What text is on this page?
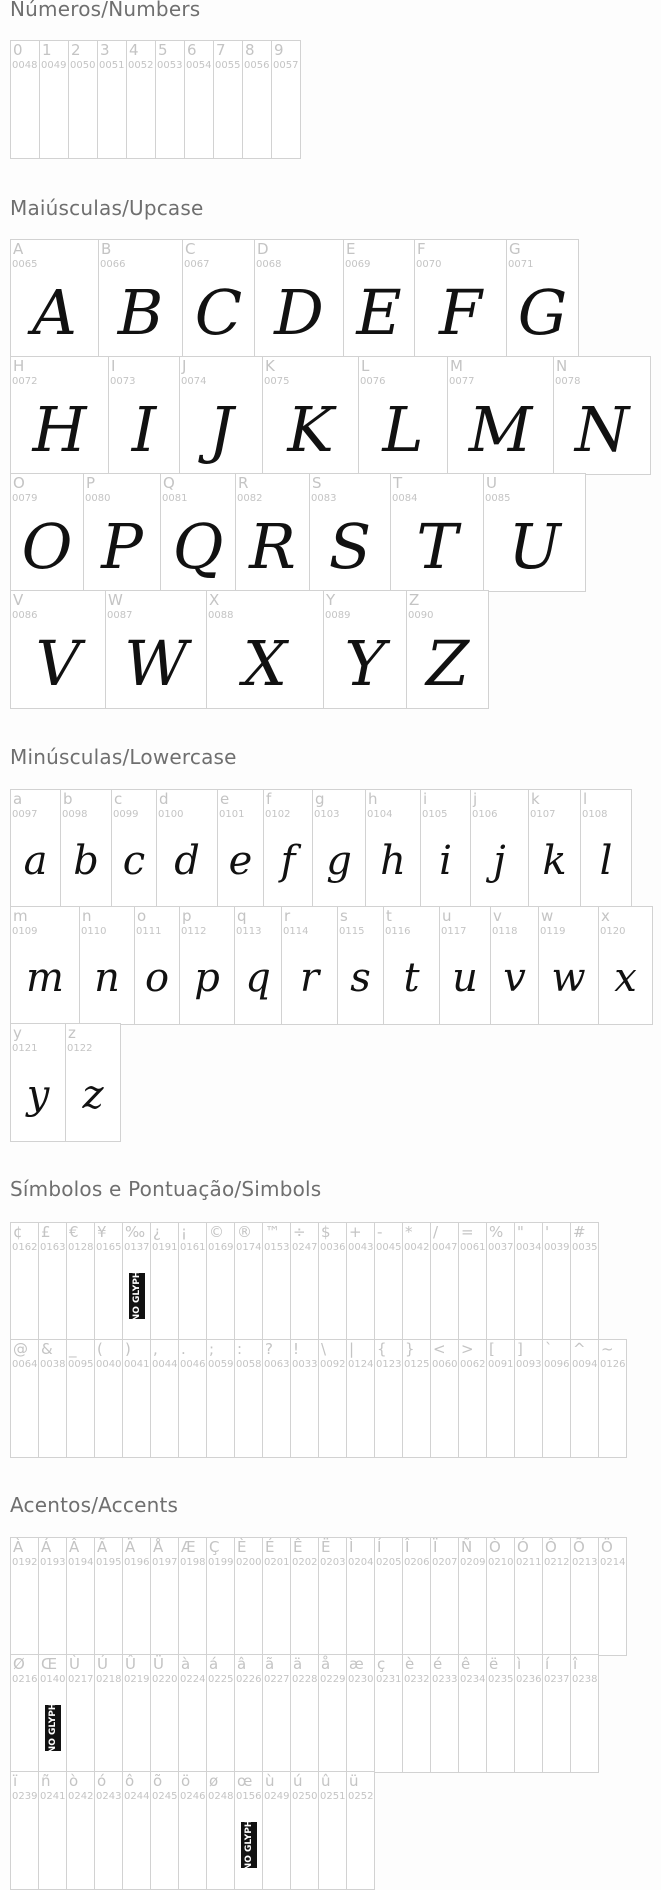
Números/Numbers
Maiúsculas/Upcase
Minúsculas/Lowercase
Símbolos e Pontuação/Simbols
Acentos/Accents
0
0048
1
0049
2
0050
3
0051
4
0052
5
0053
6
0054
7
0055
8
0056
9
0057
A
0065
A
B
0066
B
C
0067
C
D
0068
D
E
0069
E
F
0070
F
G
0071
G
H
0072
H
I
0073
I
J
0074
J
K
0075
K
L
0076
L
M
0077
M
N
0078
N
O
0079
O
P
0080
P
Q
0081
Q
R
0082
R
S
0083
S
T
0084
T
U
0085
U
V
0086
V
W
0087
W
X
0088
X
Y
0089
Y
Z
0090
Z
a
0097
a
b
0098
b
c
0099
c
d
0100
d
e
0101
e
f
0102
f
g
0103
g
h
0104
h
i
0105
i
j
0106
j
k
0107
k
l
0108
l
m
0109
m
n
0110
n
o
0111
o
p
0112
p
q
0113
q
r
0114
r
s
0115
s
t
0116
t
u
0117
u
v
0118
v
w
0119
w
x
0120
x
y
0121
y
z
0122
z
¢
0162
£
0163
€
0128
¥
0165
‰
0137
NO GLYPH
¿
0191
¡
0161
©
0169
®
0174
™
0153
÷
0247
$
0036
+
0043
-
0045
*
0042
/
0047
=
0061
%
0037
"
0034
'
0039
#
0035
@
0064
&
0038
_
0095
(
0040
)
0041
,
0044
.
0046
;
0059
:
0058
?
0063
!
0033
\
0092
|
0124
{
0123
}
0125
<
0060
>
0062
[
0091
]
0093
`
0096
^
0094
~
0126
À
0192
Á
0193
Â
0194
Ã
0195
Ä
0196
Å
0197
Æ
0198
Ç
0199
È
0200
É
0201
Ê
0202
Ë
0203
Ì
0204
Í
0205
Î
0206
Ï
0207
Ñ
0209
Ò
0210
Ó
0211
Ô
0212
Õ
0213
Ö
0214
Ø
0216
Œ
0140
NO GLYPH
Ù
0217
Ú
0218
Û
0219
Ü
0220
à
0224
á
0225
â
0226
ã
0227
ä
0228
å
0229
æ
0230
ç
0231
è
0232
é
0233
ê
0234
ë
0235
ì
0236
í
0237
î
0238
ï
0239
ñ
0241
ò
0242
ó
0243
ô
0244
õ
0245
ö
0246
ø
0248
œ
0156
NO GLYPH
ù
0249
ú
0250
û
0251
ü
0252
